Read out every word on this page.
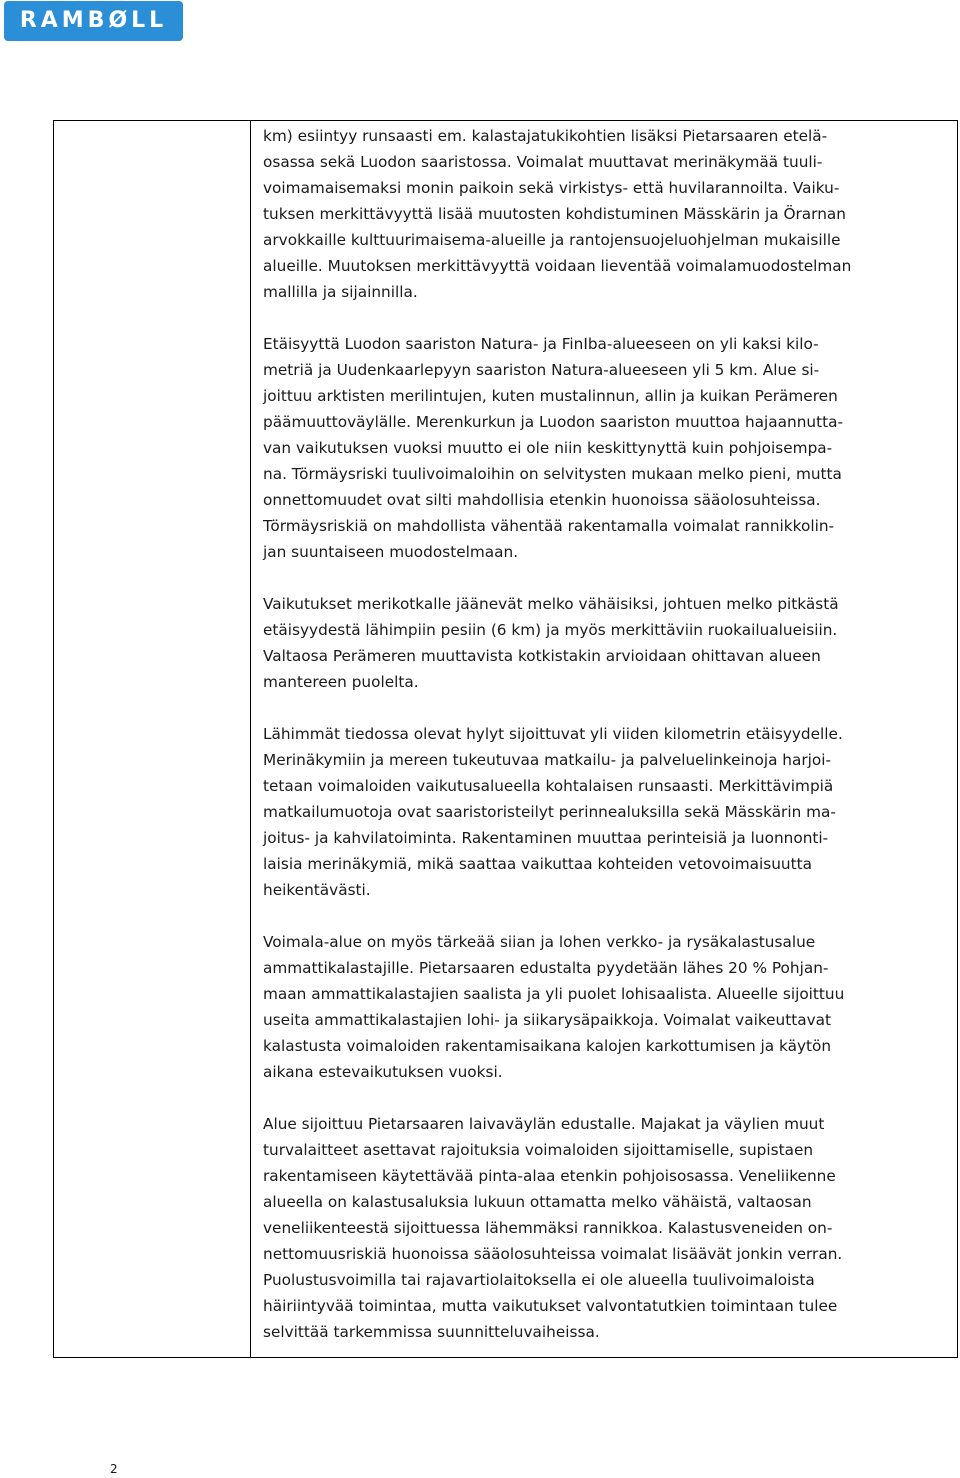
RAMBØLL

km) esiintyy runsaasti em. kalastajatukikohtien lisäksi Pietarsaaren etelä-
osassa sekä Luodon saaristossa. Voimalat muuttavat merinäkymää tuuli-
voimamaisemaksi monin paikoin sekä virkistys- että huvilarannoilta. Vaiku-
tuksen merkittävyyttä lisää muutosten kohdistuminen Mässkärin ja Örarnan
arvokkaille kulttuurimaisema-alueille ja rantojensuojeluohjelman mukaisille
alueille. Muutoksen merkittävyyttä voidaan lieventää voimalamuodostelman
mallilla ja sijainnilla.

Etäisyyttä Luodon saariston Natura- ja FinIba-alueeseen on yli kaksi kilo-
metriä ja Uudenkaarlepyyn saariston Natura-alueeseen yli 5 km. Alue si-
joittuu arktisten merilintujen, kuten mustalinnun, allin ja kuikan Perämeren
päämuuttoväylälle. Merenkurkun ja Luodon saariston muuttoa hajaannutta-
van vaikutuksen vuoksi muutto ei ole niin keskittynyttä kuin pohjoisempa-
na. Törmäysriski tuulivoimaloihin on selvitysten mukaan melko pieni, mutta
onnettomuudet ovat silti mahdollisia etenkin huonoissa sääolosuhteissa.
Törmäysriskiä on mahdollista vähentää rakentamalla voimalat rannikkolin-
jan suuntaiseen muodostelmaan.

Vaikutukset merikotkalle jäänevät melko vähäisiksi, johtuen melko pitkästä
etäisyydestä lähimpiin pesiin (6 km) ja myös merkittäviin ruokailualueisiin.
Valtaosa Perämeren muuttavista kotkistakin arvioidaan ohittavan alueen
mantereen puolelta.

Lähimmät tiedossa olevat hylyt sijoittuvat yli viiden kilometrin etäisyydelle.
Merinäkymiin ja mereen tukeutuvaa matkailu- ja palveluelinkeinoja harjoi-
tetaan voimaloiden vaikutusalueella kohtalaisen runsaasti. Merkittävimpiä
matkailumuotoja ovat saaristoristeilyt perinnealuksilla sekä Mässkärin ma-
joitus- ja kahvilatoiminta. Rakentaminen muuttaa perinteisiä ja luonnonti-
laisia merinäkymiä, mikä saattaa vaikuttaa kohteiden vetovoimaisuutta
heikentävästi.

Voimala-alue on myös tärkeää siian ja lohen verkko- ja rysäkalastusalue
ammattikalastajille. Pietarsaaren edustalta pyydetään lähes 20 % Pohjan-
maan ammattikalastajien saalista ja yli puolet lohisaalista. Alueelle sijoittuu
useita ammattikalastajien lohi- ja siikarysäpaikkoja. Voimalat vaikeuttavat
kalastusta voimaloiden rakentamisaikana kalojen karkottumisen ja käytön
aikana estevaikutuksen vuoksi.

Alue sijoittuu Pietarsaaren laivaväylän edustalle. Majakat ja väylien muut
turvalaitteet asettavat rajoituksia voimaloiden sijoittamiselle, supistaen
rakentamiseen käytettävää pinta-alaa etenkin pohjoisosassa. Veneliikenne
alueella on kalastusaluksia lukuun ottamatta melko vähäistä, valtaosan
veneliikenteestä sijoittuessa lähemmäksi rannikkoa. Kalastusveneiden on-
nettomuusriskiä huonoissa sääolosuhteissa voimalat lisäävät jonkin verran.
Puolustusvoimilla tai rajavartiolaitoksella ei ole alueella tuulivoimaloista
häiriintyvää toimintaa, mutta vaikutukset valvontatutkien toimintaan tulee
selvittää tarkemmissa suunnitteluvaiheissa.

2
